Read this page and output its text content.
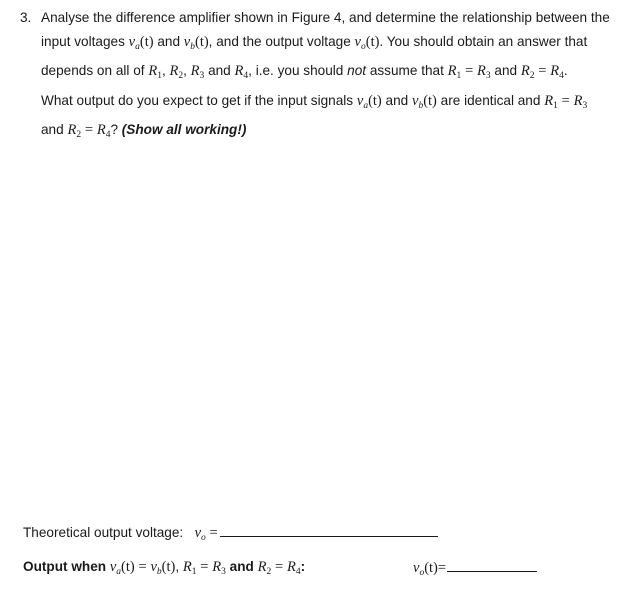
3. Analyse the difference amplifier shown in Figure 4, and determine the relationship between the
input voltages $v_a(t)$ and $v_b(t)$, and the output voltage $v_o(t)$. You should obtain an answer that
depends on all of $R_1$, $R_2$, $R_3$ and $R_4$, i.e. you should not assume that $R_1 = R_3$ and $R_2 = R_4$.
What output do you expect to get if the input signals $v_a(t)$ and $v_b(t)$ are identical and $R_1 = R_3$
and $R_2 = R_4$? (Show all working!)
Theoretical output voltage: $v_o$ =
Output when $v_a(t) = v_b(t)$, $R_1 = R_3$ and $R_2 = R_4$:	$v_o(t)=$
